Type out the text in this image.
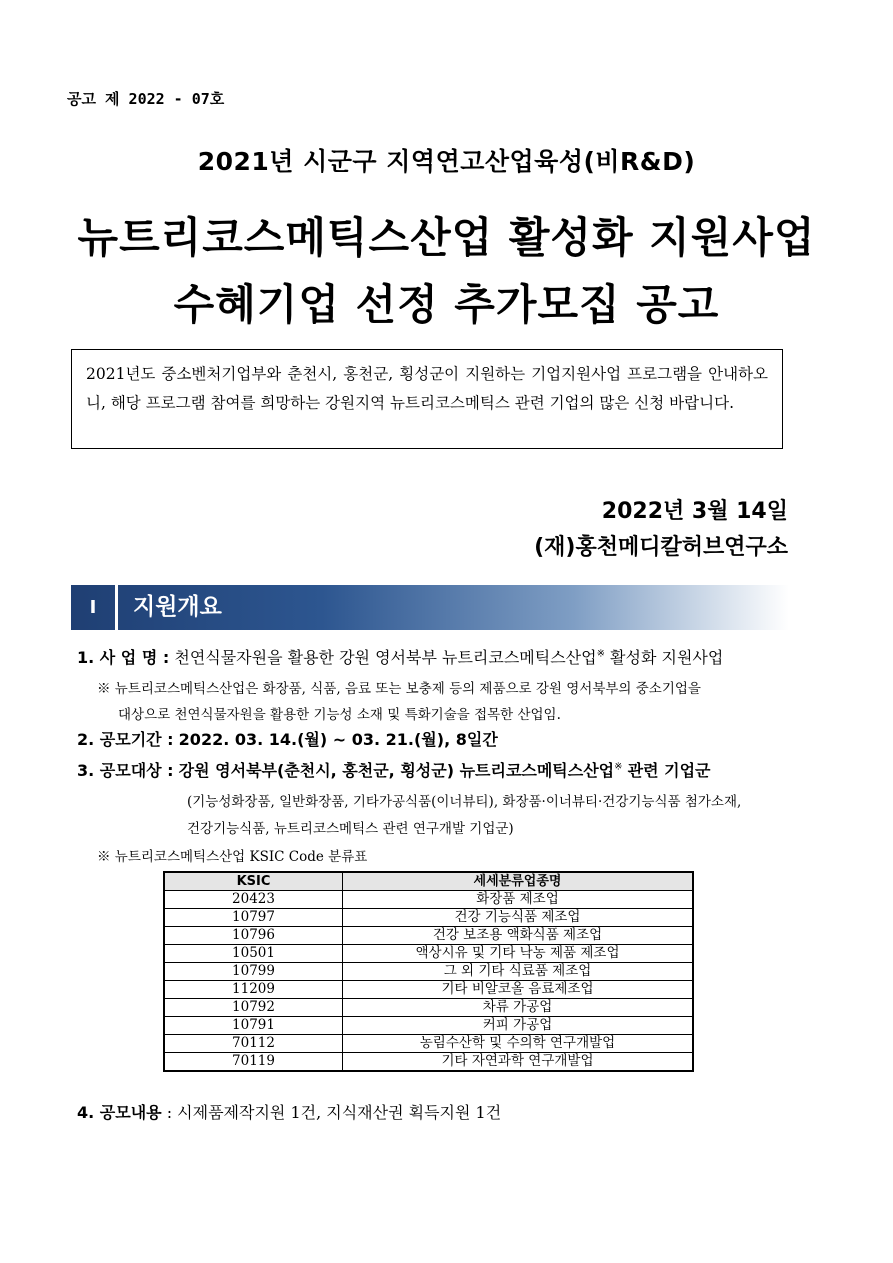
공고 제 2022 - 07호
2021년 시군구 지역연고산업육성(비R&D)
뉴트리코스메틱스산업 활성화 지원사업
수혜기업 선정 추가모집 공고
2021년도 중소벤처기업부와 춘천시, 홍천군, 횡성군이 지원하는 기업지원사업 프로그램을 안내하오니, 해당 프로그램 참여를 희망하는 강원지역 뉴트리코스메틱스 관련 기업의 많은 신청 바랍니다.
2022년 3월 14일
(재)홍천메디칼허브연구소
Ⅰ	지원개요
1. 사 업 명 : 천연식물자원을 활용한 강원 영서북부 뉴트리코스메틱스산업※ 활성화 지원사업
※ 뉴트리코스메틱스산업은 화장품, 식품, 음료 또는 보충제 등의 제품으로 강원 영서북부의 중소기업을
대상으로 천연식물자원을 활용한 기능성 소재 및 특화기술을 접목한 산업임.
2. 공모기간 : 2022. 03. 14.(월) ~ 03. 21.(월), 8일간
3. 공모대상 : 강원 영서북부(춘천시, 홍천군, 횡성군) 뉴트리코스메틱스산업※ 관련 기업군
(기능성화장품, 일반화장품, 기타가공식품(이너뷰티), 화장품·이너뷰티·건강기능식품 첨가소재,
건강기능식품, 뉴트리코스메틱스 관련 연구개발 기업군)
※ 뉴트리코스메틱스산업 KSIC Code 분류표
KSIC	세세분류업종명
20423	화장품 제조업
10797	건강 기능식품 제조업
10796	건강 보조용 액화식품 제조업
10501	액상시유 및 기타 낙농 제품 제조업
10799	그 외 기타 식료품 제조업
11209	기타 비알코올 음료제조업
10792	차류 가공업
10791	커피 가공업
70112	농림수산학 및 수의학 연구개발업
70119	기타 자연과학 연구개발업
4. 공모내용 : 시제품제작지원 1건, 지식재산권 획득지원 1건
